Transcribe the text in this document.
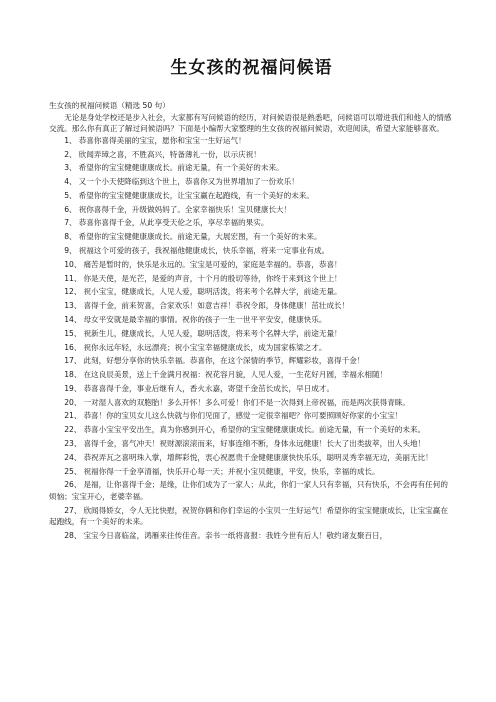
生女孩的祝福问候语

生女孩的祝福问候语（精选 50 句）

无论是身处学校还是步入社会，大家都有写问候语的经历，对问候语很是熟悉吧，问候语可以增进我们和他人的情感交流。那么你有真正了解过问候语吗？下面是小编帮大家整理的生女孩的祝福问候语，欢迎阅读，希望大家能够喜欢。

1、 恭喜你喜得美丽的宝宝，愿你和宝宝一生好运气！
2、 欣闻弄璋之喜，不胜高兴，特备薄礼一份，以示庆祝！
3、 希望你的宝宝健健康康成长。前途无量，有一个美好的未来。
4、 又一个小天使降临到这个世上，恭喜你又为世界增加了一份欢乐！
5、 希望你的宝宝健健康康成长，让宝宝赢在起跑线，有一个美好的未来。
6、 祝你喜得千金，升级做妈妈了。全家幸福快乐！宝贝健康长大！
7、 恭喜你喜得千金，从此享受天伦之乐，享尽幸福的果实。
8、 希望你的宝宝健健康康成长。前途无量，大展宏图，有一个美好的未来。
9、 祝福这个可爱的孩子，我祝福他健康成长，快乐幸福，将来一定事业有成。
10、 痛苦是暂时的，快乐是永远的。宝宝是可爱的，家庭是幸福的。恭喜，恭喜！
11、 你是天使，是光芒，是爱的声音，十个月的殷切等待，你终于来到这个世上！
12、 祝小宝宝，健康成长，人见人爱，聪明活泼，将来考个名牌大学，前途无量。
13、 喜得千金，前来贺喜，合家欢乐！如意吉祥！恭祝令郎，身体健康！茁壮成长！
14、 母女平安就是最幸福的事情。祝你的孩子一生一世平平安安，健康快乐。
15、 祝新生儿，健康成长，人见人爱，聪明活泼，将来考个名牌大学，前途无量！
16、 祝你永远年轻，永远漂亮；祝小宝宝幸福健康成长，成为国家栋梁之才。
17、 此刻，好想分享你的快乐幸福。恭喜你，在这个深情的季节，辉耀彩妆，喜得千金！
18、 在这良辰美景，送上千金满月祝福：祝花容月貌，人见人爱，一生花好月圆，幸福永相随！
19、 恭喜喜得千金，事业后继有人，香火永嘉，寄望千金茁长成长，早日成才。
20、 一对湿人喜欢的双胞胎！多么开怀！多么可爱！你们不是一次得到上帝祝福，而是两次获得青睐。
21、 恭喜！你的宝贝女儿这么快就与你们见面了，感觉一定很幸福吧？你可要照顾好你家的小宝宝！
22、 恭喜小宝宝平安出生，真为你感到开心，希望你的宝宝健健康康成长。前途无量，有一个美好的未来。
23、 喜得千金，喜气冲天！祝财源滚滚而来，好事连绵不断，身体永远健康！长大了出类拔萃，出人头地！
24、 恭祝弄瓦之喜明珠入掌，增辉彩悦，衷心祝愿贵千金健健康康快快乐乐，聪明灵秀幸福无边，美丽无比！
25、 祝福你得一千金享清福，快乐开心每一天；并祝小宝贝健康，平安，快乐，幸福的成长。
26、 是福，让你喜得千金；是缘，让你们成为了一家人；从此，你们一家人只有幸福，只有快乐，不会再有任何的烦恼；宝宝开心，老婆幸福。
27、 欣闻得娇女，令人无比快慰，祝贺你俩和你们幸运的小宝贝一生好运气！希望你的宝宝健康成长，让宝宝赢在起跑线，有一个美好的未来。
28、 宝宝今日喜临盆，鸿雁来往传佳音。亲书一纸将喜报：我姓今世有后人！敬约诸友聚百日，
